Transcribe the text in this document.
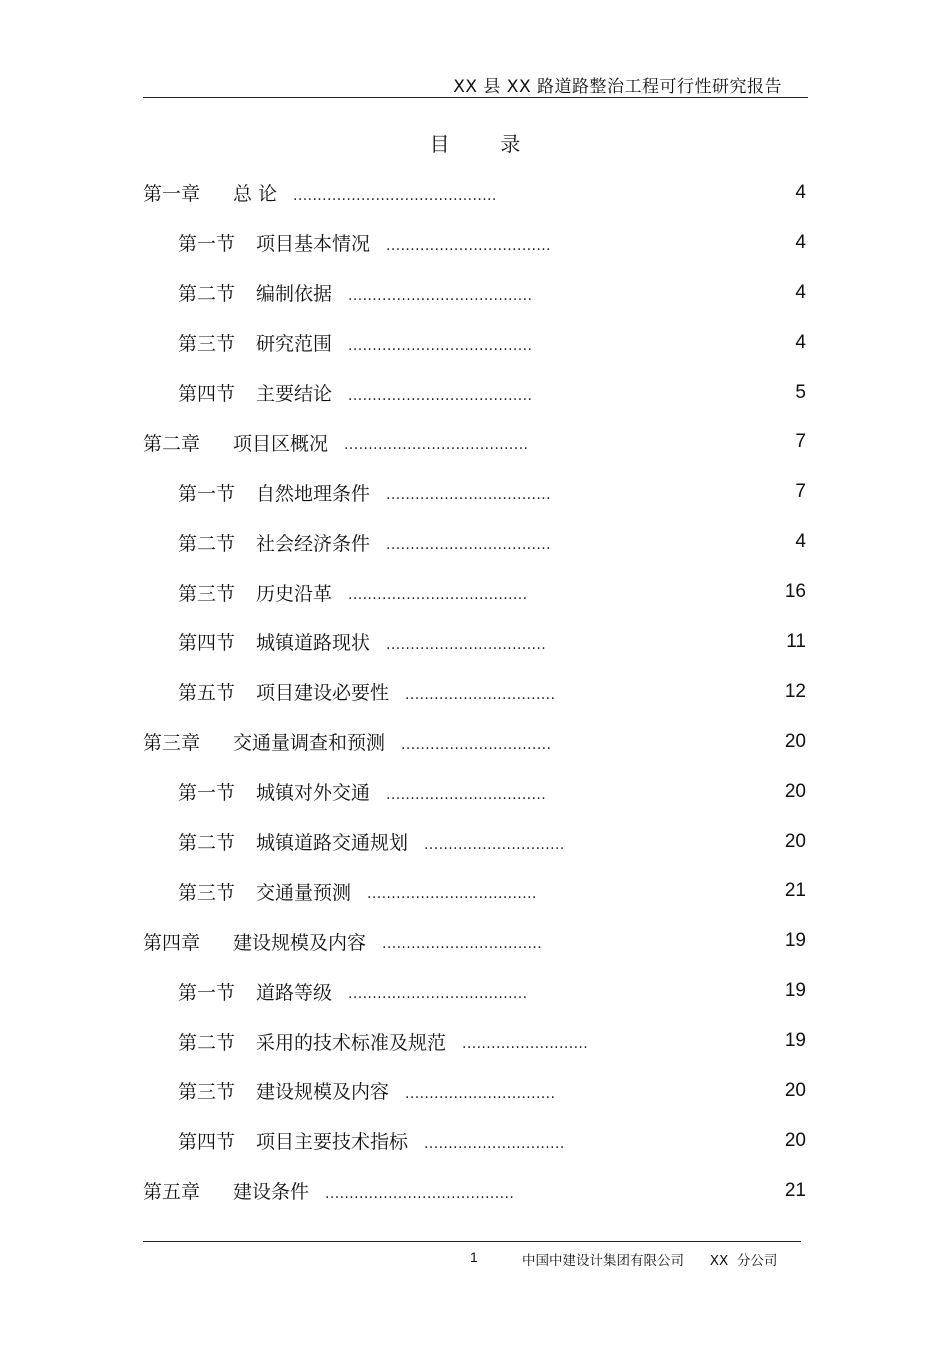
XX 县 XX 路道路整治工程可行性研究报告
目        录
第一章	总 论 ..........................................	4
第一节	项目基本情况 ..................................	4
第二节	编制依据 ......................................	4
第三节	研究范围 ......................................	4
第四节	主要结论 ......................................	5
第二章	项目区概况 ......................................	7
第一节	自然地理条件 ..................................	7
第二节	社会经济条件 ..................................	4
第三节	历史沿革 .....................................	16
第四节	城镇道路现状 .................................	11
第五节	项目建设必要性 ...............................	12
第三章	交通量调查和预测 ...............................	20
第一节	城镇对外交通 .................................	20
第二节	城镇道路交通规划 .............................	20
第三节	交通量预测 ...................................	21
第四章	建设规模及内容 .................................	19
第一节	道路等级 .....................................	19
第二节	采用的技术标准及规范 ..........................	19
第三节	建设规模及内容 ...............................	20
第四节	项目主要技术指标 .............................	20
第五章	建设条件 .......................................	21
1	中国中建设计集团有限公司      XX  分公司
